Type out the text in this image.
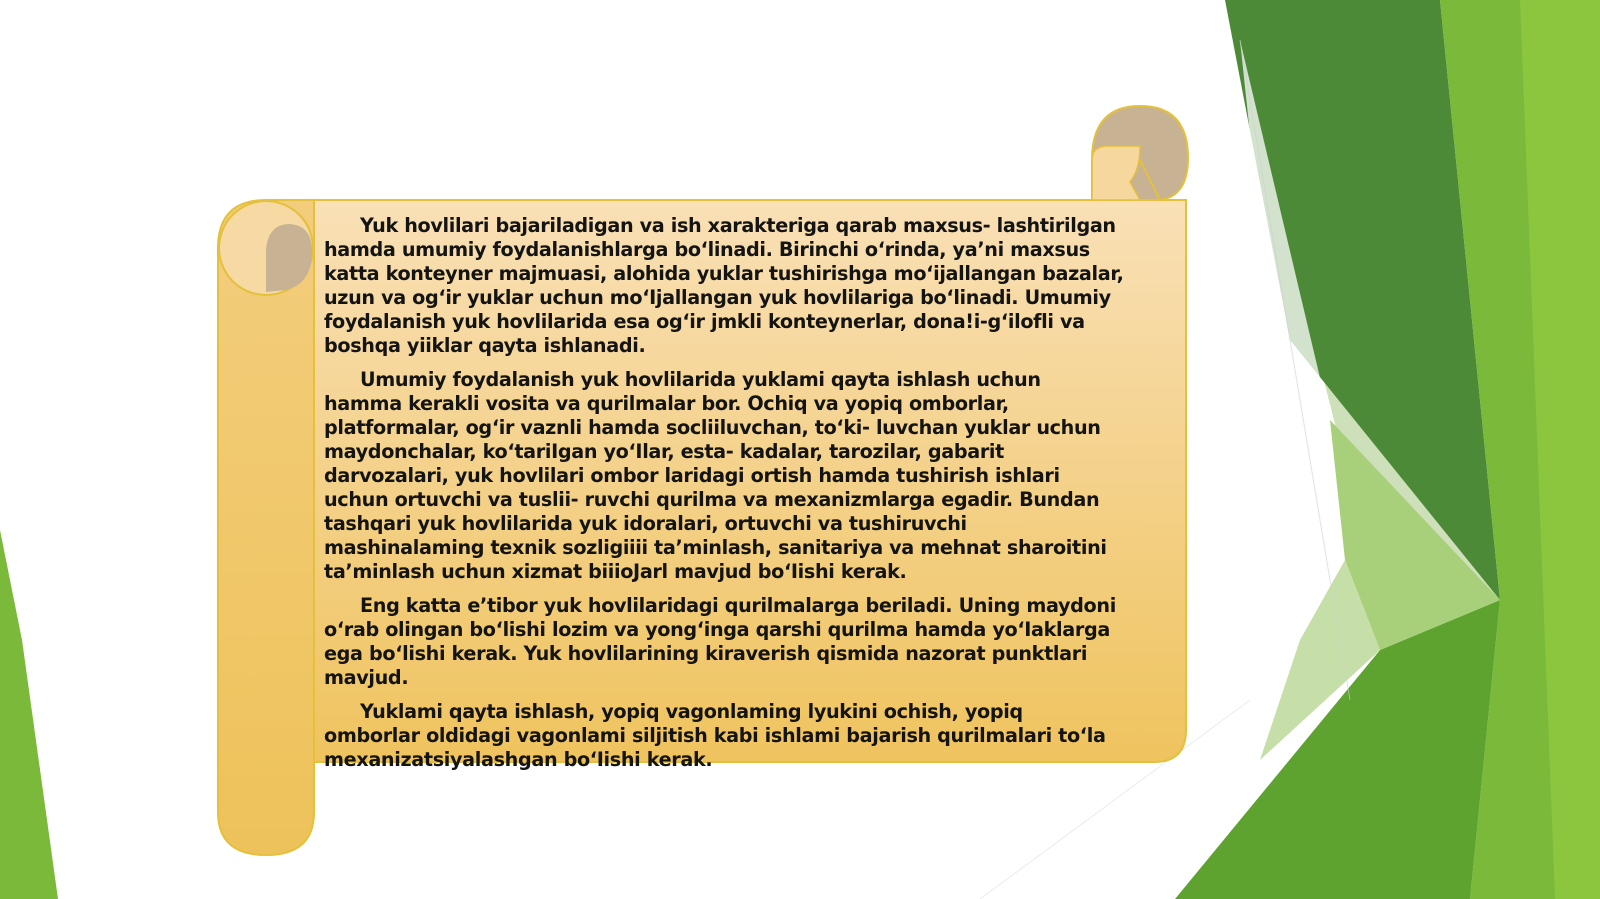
Yuk hovlilari bajariladigan va ish xarakteriga qarab maxsus- lashtirilgan hamda umumiy foydalanishlarga bo‘linadi. Birinchi o‘rinda, ya’ni maxsus katta konteyner majmuasi, alohida yuklar tushirishga mo‘ijallangan bazalar, uzun va og‘ir yuklar uchun mo‘Ijallangan yuk hovlilariga bo‘linadi. Umumiy foydalanish yuk hovlilarida esa og‘ir jmkli konteynerlar, dona!i-g‘ilofli va boshqa yiiklar qayta ishlanadi.

Umumiy foydalanish yuk hovlilarida yuklami qayta ishlash uchun hamma kerakli vosita va qurilmalar bor. Ochiq va yopiq omborlar, platformalar, og‘ir vaznli hamda socliiluvchan, to‘ki- luvchan yuklar uchun maydonchalar, ko‘tariIgan yo‘Ilar, esta- kadalar, tarozilar, gabarit darvozalari, yuk hovlilari ombor laridagi ortish hamda tushirish ishlari uchun ortuvchi va tuslii- ruvchi qurilma va mexanizmlarga egadir. Bundan tashqari yuk hovlilarida yuk idoralari, ortuvchi va tushiruvchi mashinalaming texnik sozligiiii ta’minlash, sanitariya va mehnat sharoitini ta’minlash uchun xizmat biiioJarl mavjud bo‘Iishi kerak.

Eng katta e’tibor yuk hovlilaridagi qurilmalarga beriladi. Uning maydoni o‘rab olingan bo‘lishi lozim va yong‘inga qarshi qurilma hamda yo‘Iaklarga ega bo‘lishi kerak. Yuk hovlilarining kiraverish qismida nazorat punktlari mavjud.

Yuklami qayta ishlash, yopiq vagonlaming lyukini ochish, yopiq omborlar oldidagi vagonlami siljitish kabi ishlami bajarish qurilmalari to‘la mexanizatsiyalashgan bo‘Iishi kerak.
